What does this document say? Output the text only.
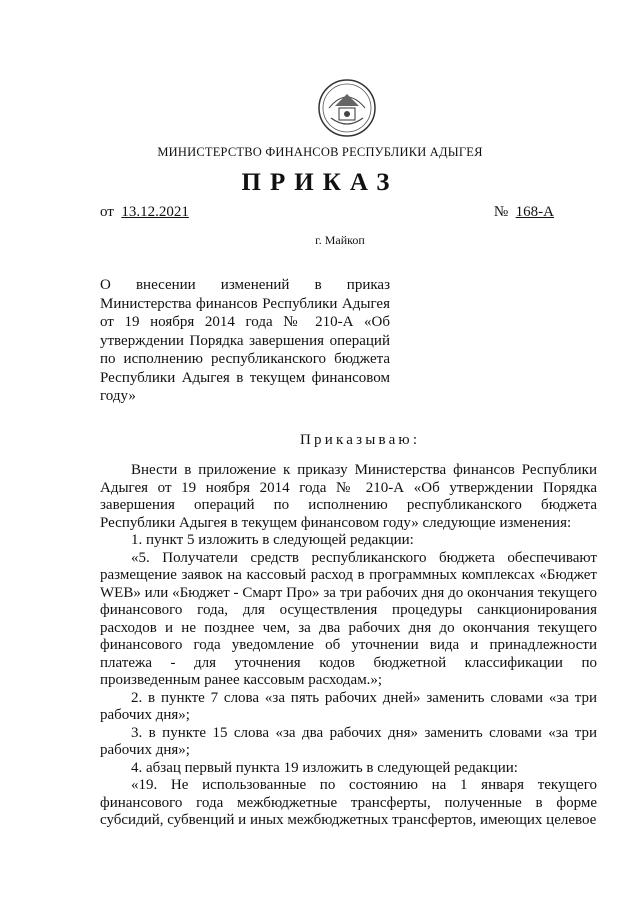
МИНИСТЕРСТВО ФИНАНСОВ РЕСПУБЛИКИ АДЫГЕЯ
ПРИКАЗ
от 13.12.2021	№ 168-А
г. Майкоп
О внесении изменений в приказ Министерства финансов Республики Адыгея от 19 ноября 2014 года № 210-А «Об утверждении Порядка завершения операций по исполнению республиканского бюджета Республики Адыгея в текущем финансовом году»
Приказываю:

Внести в приложение к приказу Министерства финансов Республики Адыгея от 19 ноября 2014 года № 210-А «Об утверждении Порядка завершения операций по исполнению республиканского бюджета Республики Адыгея в текущем финансовом году» следующие изменения:

1. пункт 5 изложить в следующей редакции:

«5. Получатели средств республиканского бюджета обеспечивают размещение заявок на кассовый расход в программных комплексах «Бюджет WEB» или «Бюджет - Смарт Про» за три рабочих дня до окончания текущего финансового года, для осуществления процедуры санкционирования расходов и не позднее чем, за два рабочих дня до окончания текущего финансового года уведомление об уточнении вида и принадлежности платежа - для уточнения кодов бюджетной классификации по произведенным ранее кассовым расходам.»;

2. в пункте 7 слова «за пять рабочих дней» заменить словами «за три рабочих дня»;

3. в пункте 15 слова «за два рабочих дня» заменить словами «за три рабочих дня»;

4. абзац первый пункта 19 изложить в следующей редакции:

«19. Не использованные по состоянию на 1 января текущего финансового года межбюджетные трансферты, полученные в форме субсидий, субвенций и иных межбюджетных трансфертов, имеющих целевое
